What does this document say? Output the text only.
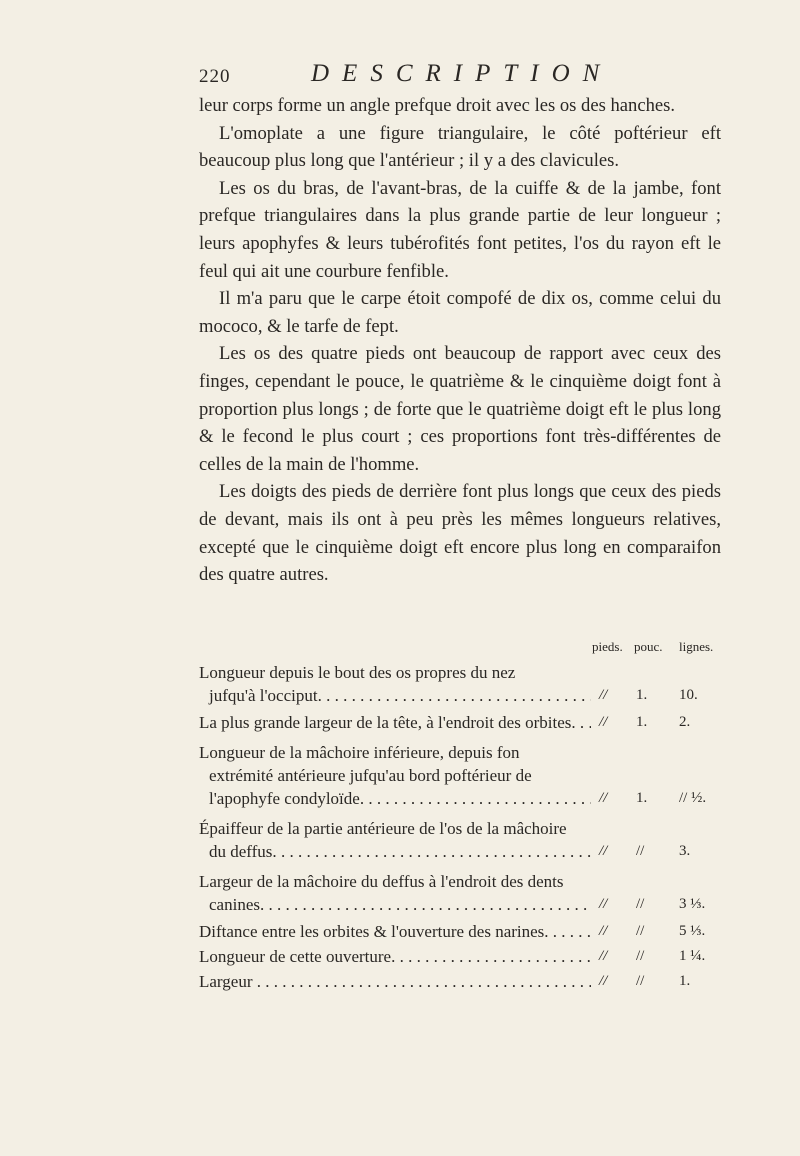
220	DESCRIPTION

leur corps forme un angle prefque droit avec les os des hanches.

L'omoplate a une figure triangulaire, le côté poftérieur eft beaucoup plus long que l'antérieur ; il y a des clavicules.

Les os du bras, de l'avant-bras, de la cuiffe & de la jambe, font prefque triangulaires dans la plus grande partie de leur longueur ; leurs apophyfes & leurs tubérofités font petites, l'os du rayon eft le feul qui ait une courbure fenfible.

Il m'a paru que le carpe étoit compofé de dix os, comme celui du mococo, & le tarfe de fept.

Les os des quatre pieds ont beaucoup de rapport avec ceux des finges, cependant le pouce, le quatrième & le cinquième doigt font à proportion plus longs ; de forte que le quatrième doigt eft le plus long & le fecond le plus court ; ces proportions font très-différentes de celles de la main de l'homme.

Les doigts des pieds de derrière font plus longs que ceux des pieds de devant, mais ils ont à peu près les mêmes longueurs relatives, excepté que le cinquième doigt eft encore plus long en comparaifon des quatre autres.

pieds. pouc. lignes.
Longueur depuis le bout des os propres du nez
jufqu'à l'occiput. . . . . . .	// 1. 10.
La plus grande largeur de la tête, à l'endroit des orbites. . . .	// 1. 2.
Longueur de la mâchoire inférieure, depuis fon
extrémité antérieure jufqu'au bord poftérieur de
l'apophyfe condyloïde. . . .	// 1. // ½.
Épaiffeur de la partie antérieure de l'os de la mâchoire
du deffus. . . .	// // 3.
Largeur de la mâchoire du deffus à l'endroit des dents
canines. . . .	// // 3 ⅓.
Diftance entre les orbites & l'ouverture des narines. . . . .	// // 5 ⅓.
Longueur de cette ouverture. . . .	// // 1 ¼.
Largeur . . .	// // 1.
